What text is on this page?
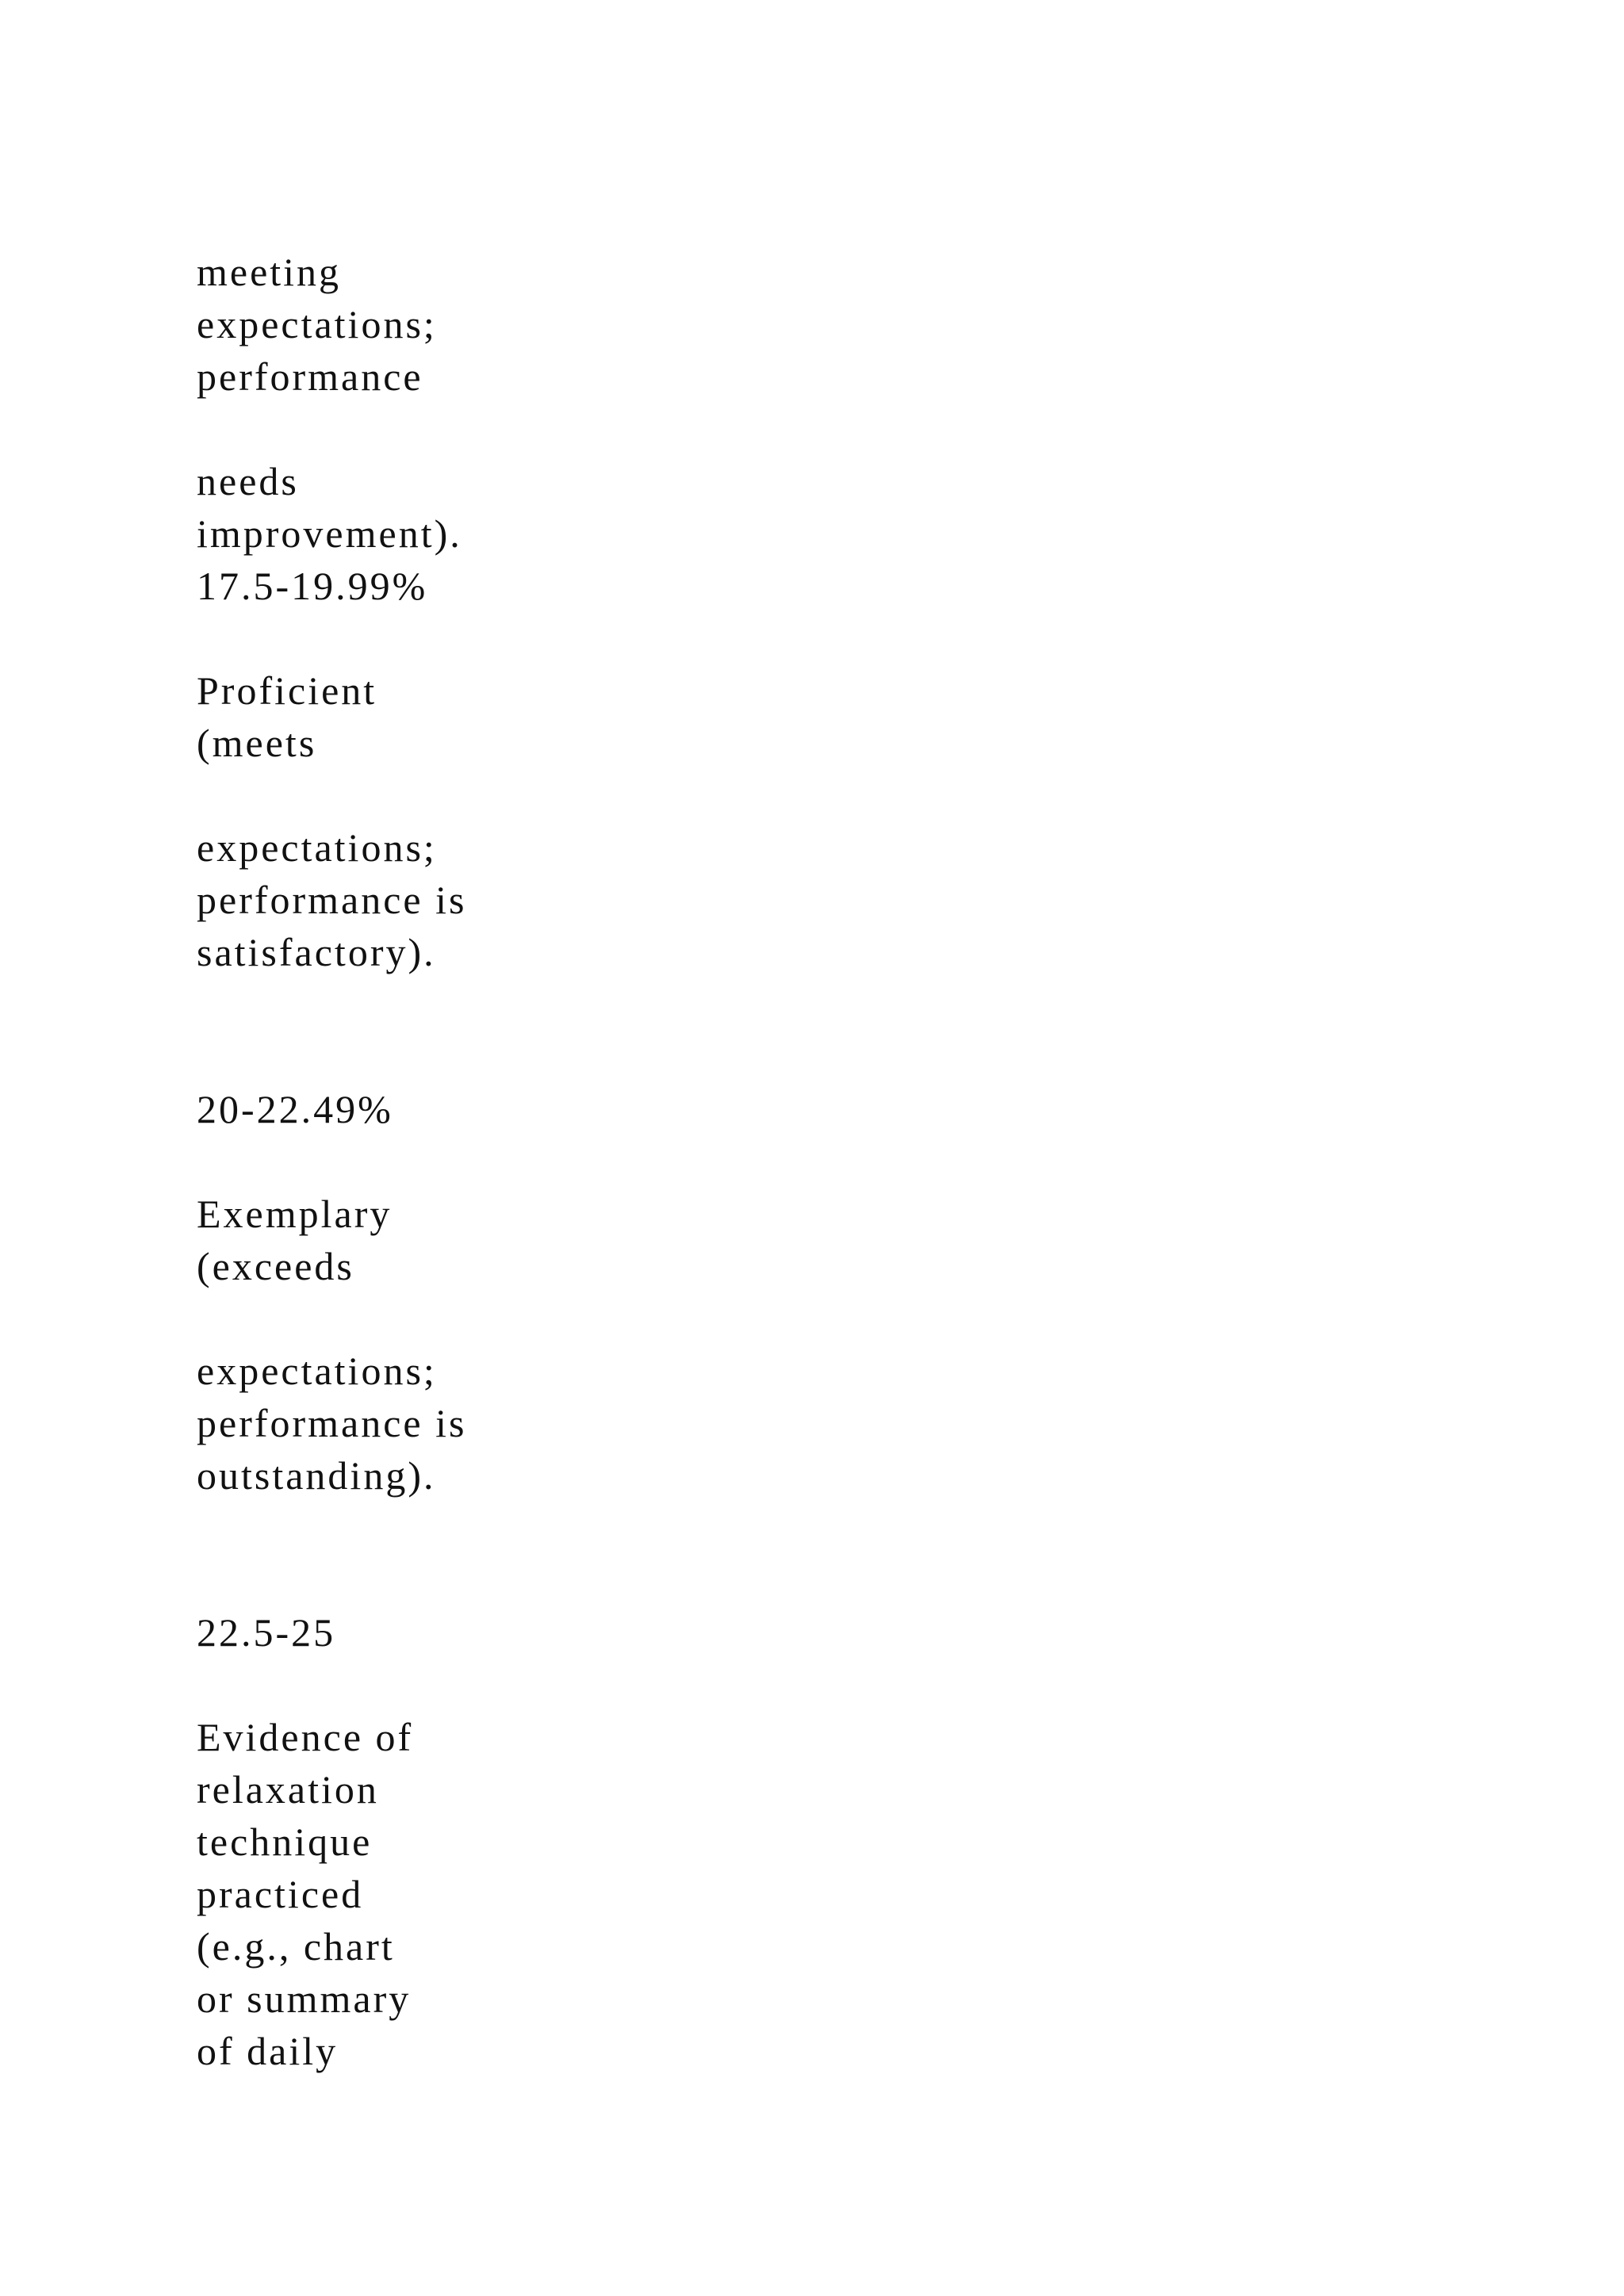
meeting
expectations;
performance
needs
improvement).
17.5-19.99%
Proficient
(meets
expectations;
performance is
satisfactory).
20-22.49%
Exemplary
(exceeds
expectations;
performance is
outstanding).
22.5-25
Evidence of
relaxation
technique
practiced
(e.g., chart
or summary
of daily
